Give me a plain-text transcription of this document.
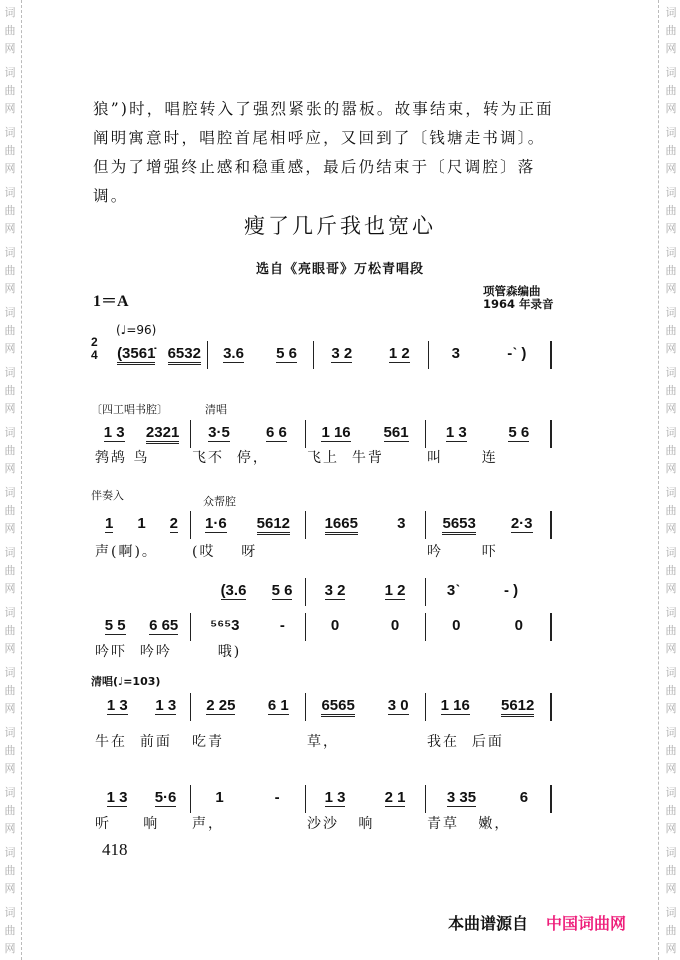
词
曲
网
词
曲
网
词
曲
网
词
曲
网
词
曲
网
词
曲
网
词
曲
网
词
曲
网
词
曲
网
词
曲
网
词
曲
网
词
曲
网
词
曲
网
词
曲
网
词
曲
网
词
曲
网
词
曲
网
词
曲
网
词
曲
网
词
曲
网
词
曲
网
词
曲
网
词
曲
网
词
曲
网
词
曲
网
词
曲
网
词
曲
网
词
曲
网
词
曲
网
词
曲
网
词
曲
网
词
曲
网
狼”)时，唱腔转入了强烈紧张的嚣板。故事结束，转为正面阐明寓意时，唱腔首尾相呼应，又回到了〔钱塘走书调〕。但为了增强终止感和稳重感，最后仍结束于〔尺调腔〕落调。
瘦了几斤我也宽心
选自《亮眼哥》万松青唱段
1＝A
项管森编曲
1964 年录音
(♩=96)
〔四工唱书腔〕	清唱
伴奏入	众帮腔
清唱(♩=103)
2
4 (3561̇ 6532 3.6 5 6 3 2 1 2	3	-ˋ )
1 3 2321 3·5 6 6 1 16 561 1 3	5 6
鹁鸪 鸟	飞不  停，	飞上  牛背	叫      连
1 1 2 1·6 5612 1665	3 5653 2·3
声(啊)。 (哎    呀	吟      吓
5 5 6 65 ⁵⁶⁵3	-	0	0	0	0
吟吓  吟吟 哦)
1 3 1 3 2 25 6 1 6565 3 0 1 16 5612
牛在  前面 吃青	草，	我在  后面
1 3 5·6	1	-	1 3	2 1	3 35	6
听     响 声，	沙沙   响	青草   嫩，
(3.6 5 6 3 2	1 2	3ˋ	- )
418
本曲谱源自 中国词曲网
